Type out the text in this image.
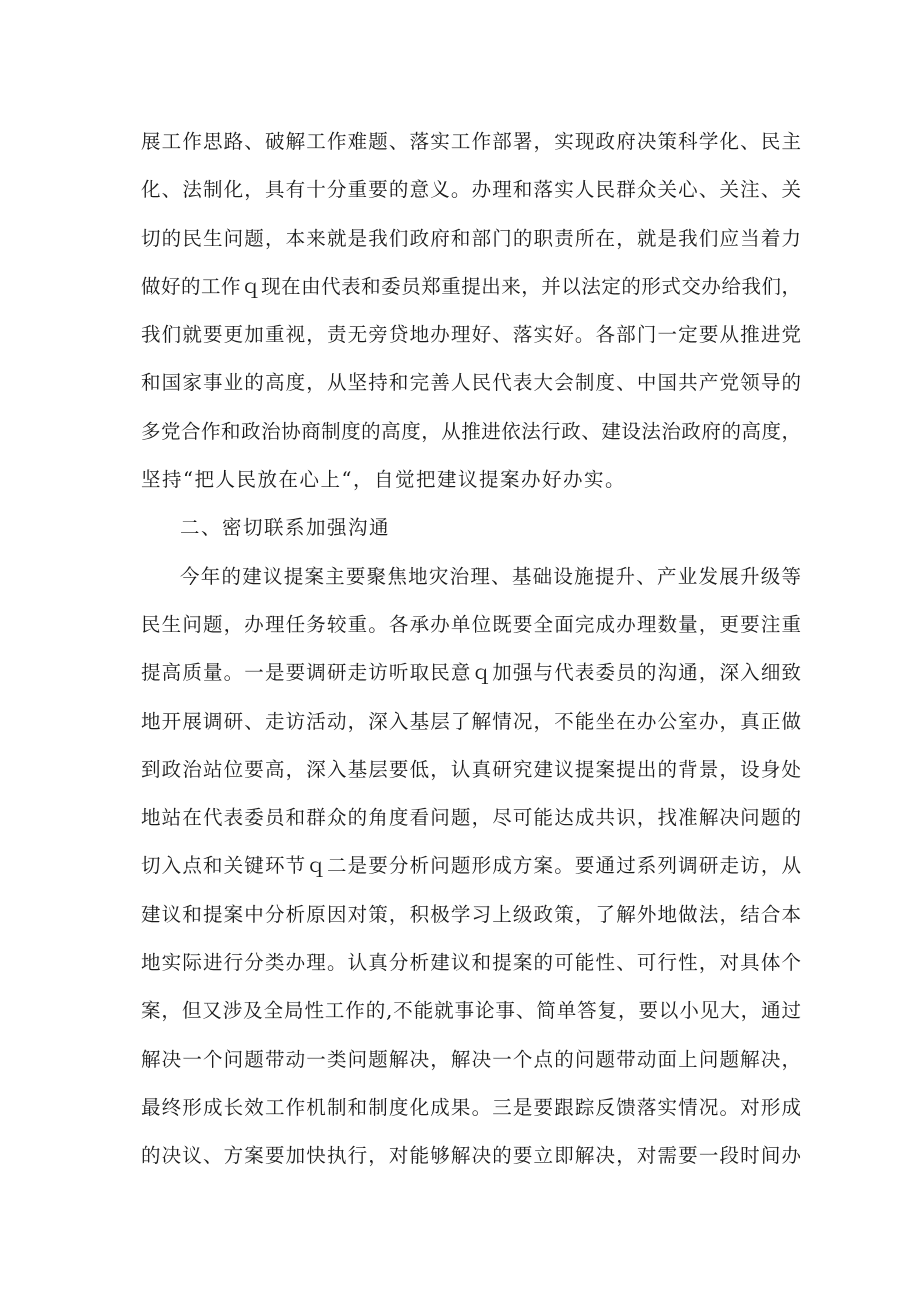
展工作思路、破解工作难题、落实工作部署，实现政府决策科学化、民主
化、法制化，具有十分重要的意义。办理和落实人民群众关心、关注、关
切的民生问题，本来就是我们政府和部门的职责所在，就是我们应当着力
做好的工作ｑ现在由代表和委员郑重提出来，并以法定的形式交办给我们，
我们就要更加重视，责无旁贷地办理好、落实好。各部门一定要从推进党
和国家事业的高度，从坚持和完善人民代表大会制度、中国共产党领导的
多党合作和政治协商制度的高度，从推进依法行政、建设法治政府的高度，
坚持“把人民放在心上“，自觉把建议提案办好办实。
二、密切联系加强沟通
今年的建议提案主要聚焦地灾治理、基础设施提升、产业发展升级等
民生问题，办理任务较重。各承办单位既要全面完成办理数量，更要注重
提高质量。一是要调研走访听取民意ｑ加强与代表委员的沟通，深入细致
地开展调研、走访活动，深入基层了解情况，不能坐在办公室办，真正做
到政治站位要高，深入基层要低，认真研究建议提案提出的背景，设身处
地站在代表委员和群众的角度看问题，尽可能达成共识，找准解决问题的
切入点和关键环节ｑ二是要分析问题形成方案。要通过系列调研走访，从
建议和提案中分析原因对策，积极学习上级政策，了解外地做法，结合本
地实际进行分类办理。认真分析建议和提案的可能性、可行性，对具体个
案，但又涉及全局性工作的,不能就事论事、简单答复，要以小见大，通过
解决一个问题带动一类问题解决，解决一个点的问题带动面上问题解决，
最终形成长效工作机制和制度化成果。三是要跟踪反馈落实情况。对形成
的决议、方案要加快执行，对能够解决的要立即解决，对需要一段时间办
